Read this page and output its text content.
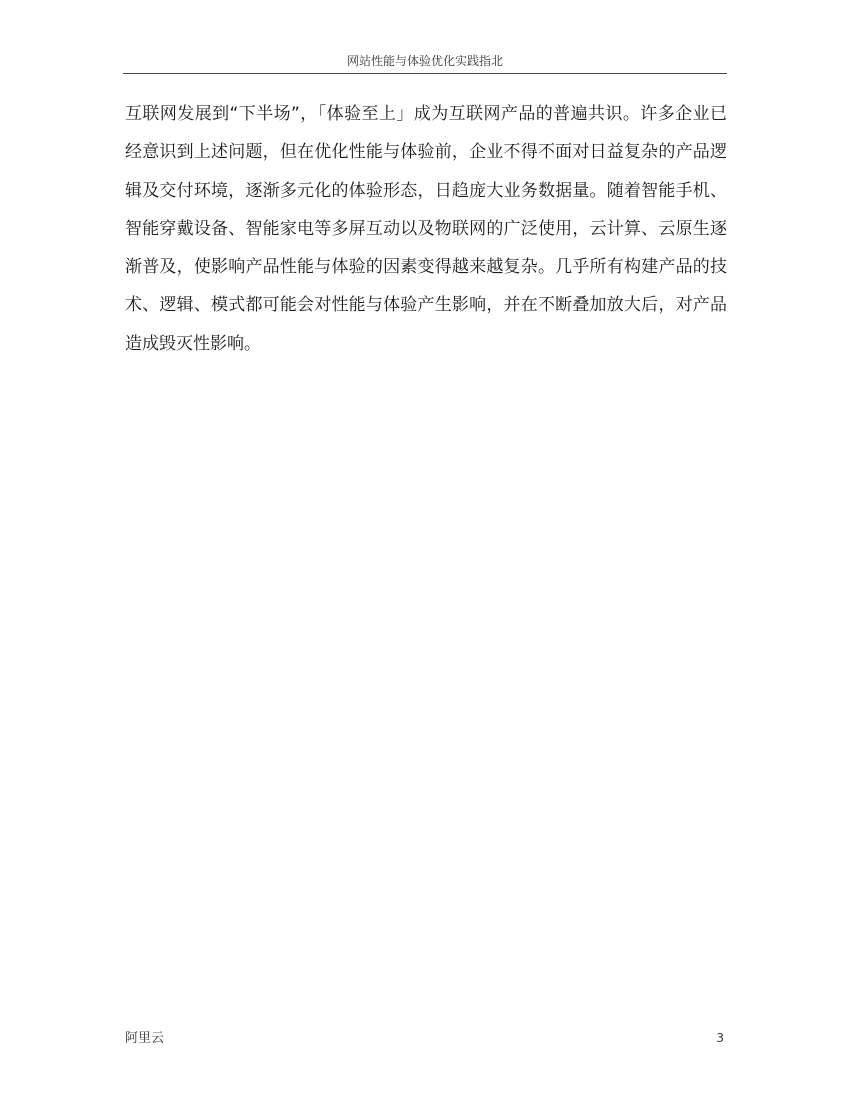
网站性能与体验优化实践指北

互联网发展到“下半场”，「体验至上」成为互联网产品的普遍共识。许多企业已经意识到上述问题，但在优化性能与体验前，企业不得不面对日益复杂的产品逻辑及交付环境，逐渐多元化的体验形态，日趋庞大业务数据量。随着智能手机、智能穿戴设备、智能家电等多屏互动以及物联网的广泛使用，云计算、云原生逐渐普及，使影响产品性能与体验的因素变得越来越复杂。几乎所有构建产品的技术、逻辑、模式都可能会对性能与体验产生影响，并在不断叠加放大后，对产品造成毁灭性影响。

阿里云	3
